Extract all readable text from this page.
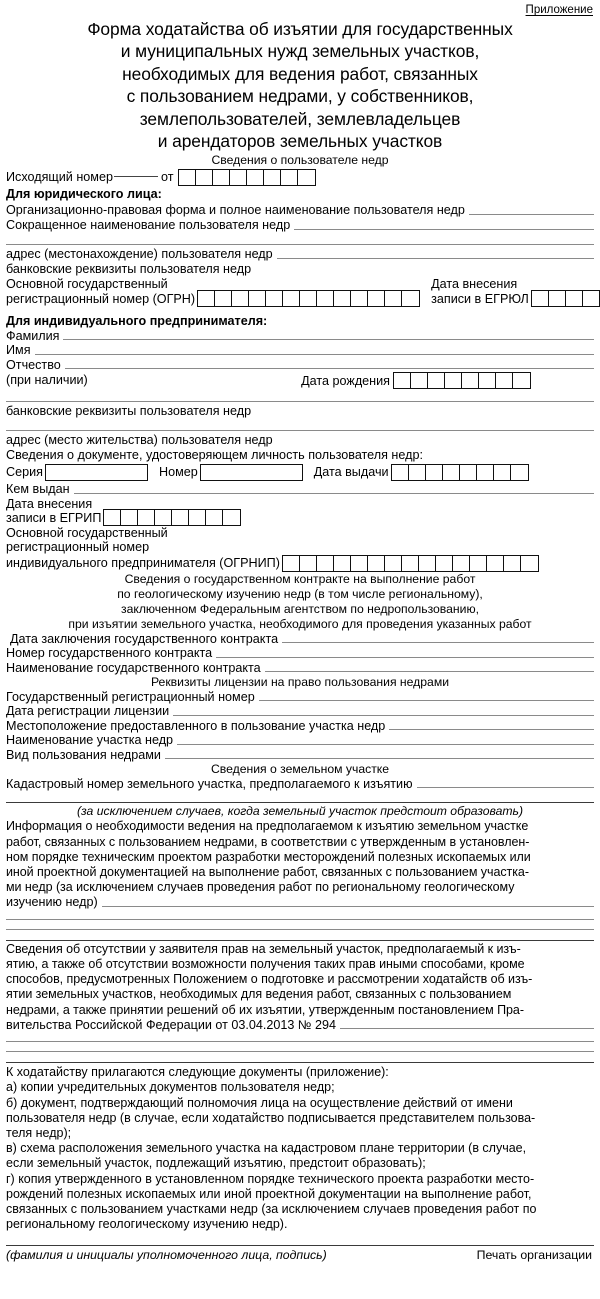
Приложение
Форма ходатайства об изъятии для государственных
и муниципальных нужд земельных участков,
необходимых для ведения работ, связанных
с пользованием недрами, у собственников,
землепользователей, землевладельцев
и арендаторов земельных участков
Сведения о пользователе недр
Исходящий номер	от
Для юридического лица:
Организационно-правовая форма и полное наименование пользователя недр
Сокращенное наименование пользователя недр
адрес (местонахождение) пользователя недр
банковские реквизиты пользователя недр
Основной государственный
регистрационный номер (ОГРН)
Дата внесения
записи в ЕГРЮЛ
Для индивидуального предпринимателя:
Фамилия
Имя
Отчество
(при наличии)	Дата рождения
банковские реквизиты пользователя недр
адрес (место жительства) пользователя недр
Сведения о документе, удостоверяющем личность пользователя недр:
Серия	Номер	Дата выдачи
Кем выдан
Дата внесения
записи в ЕГРИП
Основной государственный
регистрационный номер
индивидуального предпринимателя (ОГРНИП)
Сведения о государственном контракте на выполнение работ
по геологическому изучению недр (в том числе региональному),
заключенном Федеральным агентством по недропользованию,
при изъятии земельного участка, необходимого для проведения указанных работ
Дата заключения государственного контракта
Номер государственного контракта
Наименование государственного контракта
Реквизиты лицензии на право пользования недрами
Государственный регистрационный номер
Дата регистрации лицензии
Местоположение предоставленного в пользование участка недр
Наименование участка недр
Вид пользования недрами
Сведения о земельном участке
Кадастровый номер земельного участка, предполагаемого к изъятию
(за исключением случаев, когда земельный участок предстоит образовать)
Информация о необходимости ведения на предполагаемом к изъятию земельном участке
работ, связанных с пользованием недрами, в соответствии с утвержденным в установлен-
ном порядке техническим проектом разработки месторождений полезных ископаемых или
иной проектной документацией на выполнение работ, связанных с пользованием участка-
ми недр (за исключением случаев проведения работ по региональному геологическому
изучению недр)
Сведения об отсутствии у заявителя прав на земельный участок, предполагаемый к изъ-
ятию, а также об отсутствии возможности получения таких прав иными способами, кроме
способов, предусмотренных Положением о подготовке и рассмотрении ходатайств об изъ-
ятии земельных участков, необходимых для ведения работ, связанных с пользованием
недрами, а также принятии решений об их изъятии, утвержденным постановлением Пра-
вительства Российской Федерации от 03.04.2013 № 294
К ходатайству прилагаются следующие документы (приложение):
а) копии учредительных документов пользователя недр;
б) документ, подтверждающий полномочия лица на осуществление действий от имени
пользователя недр (в случае, если ходатайство подписывается представителем пользова-
теля недр);
в) схема расположения земельного участка на кадастровом плане территории (в случае,
если земельный участок, подлежащий изъятию, предстоит образовать);
г) копия утвержденного в установленном порядке технического проекта разработки место-
рождений полезных ископаемых или иной проектной документации на выполнение работ,
связанных с пользованием участками недр (за исключением случаев проведения работ по
региональному геологическому изучению недр).
(фамилия и инициалы уполномоченного лица, подпись)	Печать организации
